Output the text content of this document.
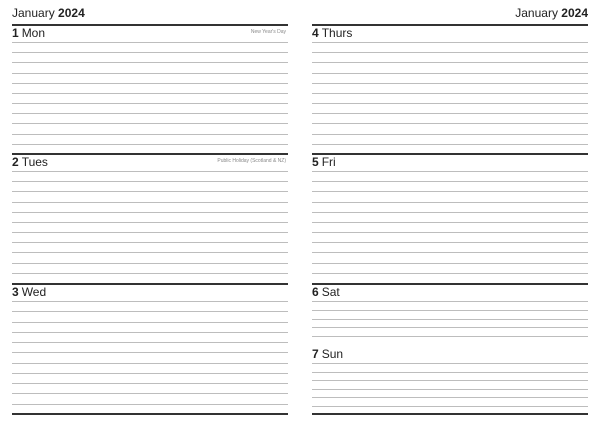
January 2024	January 2024
1 Mon	New Year's Day
2 Tues	Public Holiday (Scotland & NZ)
3 Wed
4 Thurs
5 Fri
6 Sat
7 Sun
